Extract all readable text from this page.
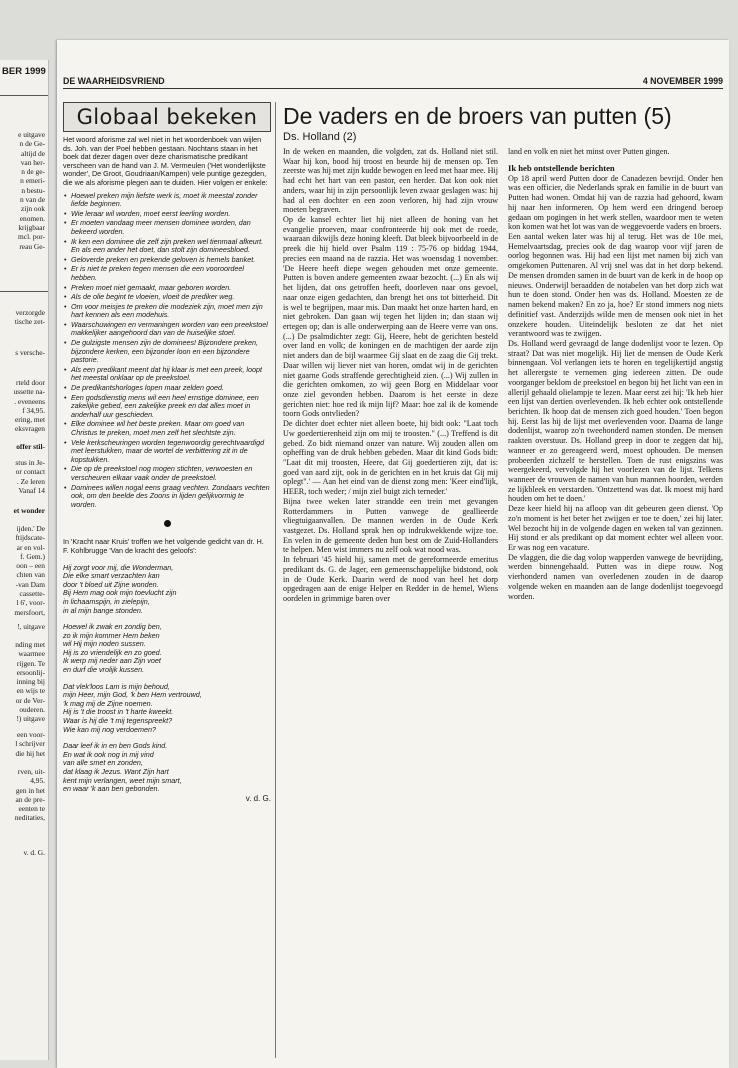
BER 1999
e uitgave
n de Ge-
altijd de
van her-
n de ge-
n emeri-
n bestu-
n van de
zijn ook
enomen.
krijgbaar
mcl. por-
reau Ge-
verzorgde
tische zet-
s versche-
rteld door
ussette na-
. eveneens
f 34,95.
ering, met
eksvragen
offer stil-
stus in Je-
or contact
. Ze leren
Vanaf 14
et wonder
ijden.' De
ftijdscate-
ar en vol-
f. Gem.)
oon – een
chten van
-van Dam
cassette-
l 6', voor-
mersfoort,
!, uitgave
nding met
waarmee
rijgen. Te
ersoonlij-
inning bij
en wijs te
or de Ver-
ouderen.
!) uitgave
een voor-
l schrijver
die hij het
rven, uit-
4,95.
gen in het
an de pre-
eenten te
neditaties,
v. d. G.
DE WAARHEIDSVRIEND	4 NOVEMBER 1999
Globaal bekeken

Het woord aforisme zal wel niet in het woordenboek van wijlen ds. Joh. van der Poel hebben gestaan. Nochtans staan in het boek dat dezer dagen over deze charismatische predikant verscheen van de hand van J. M. Vermeulen ('Het wonderlijkste wonder', De Groot, Goudriaan/Kampen) vele puntige gezegden, die we als aforisme plegen aan te duiden. Hier volgen er enkele:

• Hoewel preken mijn liefste werk is, moet ik meestal zonder liefde beginnen.
• Wie leraar wil worden, moet eerst leerling worden.
• Er moeten vandaag meer mensen dominee worden, dan bekeerd worden.
• Ik ken een dominee die zelf zijn preken wel tienmaal afkeurt. En als een ander het doet, dan stolt zijn domineesbloed.
• Geloverde preken en prekende geloven is hemels banket.
• Er is niet te preken tegen mensen die een vooroordeel hebben.
• Preken moet niet gemaakt, maar geboren worden.
• Als de olie begint te vloeien, vloeit de prediker weg.
• Om voor meisjes te preken die modeziek zijn, moet men zijn hart kennen als een modehuis.
• Waarschuwingen en vermaningen worden van een preekstoel makkelijker aangehoord dan van de huiselijke stoel.
• De gulzigste mensen zijn de dominees! Bijzondere preken, bijzondere kerken, een bijzonder loon en een bijzondere pastorie.
• Als een predikant meent dat hij klaar is met een preek, loopt het meestal onklaar op de preekstoel.
• De predikantshorloges lopen maar zelden goed.
• Een godsdienstig mens wil een heel ernstige dominee, een zakelijke gebed, een zakelijke preek en dat alles moet in anderhalf uur geschieden.
• Elke dominee wil het beste preken. Maar om goed van Christus te preken, moet men zelf het slechtste zijn.
• Vele kerkscheuringen worden tegenwoordig gerechtvaardigd met leerstukken, maar de wortel de verbittering zit in de kopstukken.
• Die op de preekstoel nog mogen stichten, verwoesten en verscheuren elkaar vaak onder de preekstoel.
• Dominees willen nogal eens graag vechten. Zondaars vechten ook, om den beelde des Zoons in lijden gelijkvormig te worden.

In 'Kracht naar Kruis' troffen we het volgende gedicht van dr. H. F. Kohlbrugge 'Van de kracht des geloofs':

Hij zorgt voor mij, die Wonderman,
Die elke smart verzachten kan
door 't bloed uit Zijne wonden.
Bij Hem mag ook mijn toevlucht zijn
in lichaamspijn, in zielepijn,
in al mijn bange stonden.
Hoewel ik zwak en zondig ben,
zo ik mijn kommer Hem beken
wil Hij mijn noden sussen.
Hij is zo vriendelijk en zo goed.
Ik werp mij neder aan Zijn voet
en durf die vrolijk kussen.
Dat vlek'loos Lam is mijn behoud,
mijn Heer, mijn God, 'k ben Hem vertrouwd,
'k mag mij de Zijne noemen.
Hij is 't die troost in 't harte kweekt.
Waar is hij die 't mij tegenspreekt?
Wie kan mij nog verdoemen?
Daar leef ik in en ben Gods kind.
En wat ik ook nog in mij vind
van alle smet en zonden,
dat klaag ik Jezus. Want Zijn hart
kent mijn verlangen, weet mijn smart,
en waar 'k aan ben gebonden.
v. d. G.
De vaders en de broers van putten (5)
Ds. Holland (2)

In de weken en maanden, die volgden, zat ds. Holland niet stil. Waar hij kon, bood hij troost en beurde hij de mensen op. Ten zeerste was hij met zijn kudde bewogen en leed met haar mee. Hij had echt het hart van een pastor, een herder. Dat kon ook niet anders, waar hij in zijn persoonlijk leven zwaar geslagen was: hij had al een dochter en een zoon verloren, hij had zijn vrouw moeten begraven.

Op de kansel echter liet hij niet alleen de honing van het evangelie proeven, maar confronteerde hij ook met de roede, waaraan dikwijls deze honing kleeft. Dat bleek bijvoorbeeld in de preek die hij hield over Psalm 119 : 75-76 op biddag 1944, precies een maand na de razzia. Het was woensdag 1 november. 'De Heere heeft diepe wegen gehouden met onze gemeente. Putten is boven andere gemeenten zwaar bezocht. (...) En als wij het lijden, dat ons getroffen heeft, doorleven naar ons gevoel, naar onze eigen gedachten, dan brengt het ons tot bitterheid. Dit is wel te begrijpen, maar mis. Dan maakt het onze harten hard, en niet gebroken. Dan gaan wij tegen het lijden in; dan staan wij ertegen op; dan is alle onderwerping aan de Heere verre van ons. (...) De psalmdichter zegt: Gij, Heere, hebt de gerichten besteld over land en volk; de koningen en de machtigen der aarde zijn niet anders dan de bijl waarmee Gij slaat en de zaag die Gij trekt. Daar willen wij liever niet van horen, omdat wij in de gerichten niet gaarne Gods straffende gerechtigheid zien. (...) Wij zullen in die gerichten omkomen, zo wij geen Borg en Middelaar voor onze ziel gevonden hebben. Daarom is het eerste in deze gerichten niet: hoe red ik mijn lijf? Maar: hoe zal ik de komende toorn Gods ontvlieden?

De dichter doet echter niet alleen boete, hij bidt ook: "Laat toch Uw goedertierenheid zijn om mij te troosten." (...) Treffend is dit gebed. Zo bidt niemand onzer van nature. Wij zouden allen om opheffing van de druk hebben gebeden. Maar dit kind Gods bidt: "Laat dit mij troosten, Heere, dat Gij goedertieren zijt, dat is: goed van aard zijt, ook in de gerichten en in het kruis dat Gij mij oplegt".' — Aan het eind van de dienst zong men: 'Keer eind'lijk, HEER, toch weder; / mijn ziel buigt zich terneder.'

Bijna twee weken later strandde een trein met gevangen Rotterdammers in Putten vanwege de geallieerde vliegtuigaanvallen. De mannen werden in de Oude Kerk vastgezet. Ds. Holland sprak hen op indrukwekkende wijze toe. En velen in de gemeente deden hun best om de Zuid-Hollanders te helpen. Men wist immers nu zelf ook wat nood was.

In februari '45 hield hij, samen met de gereformeerde emeritus predikant ds. G. de Jager, een gemeenschappelijke bidstond, ook in de Oude Kerk. Daarin werd de nood van heel het dorp opgedragen aan de enige Helper en Redder in de hemel, Wiens oordelen in grimmige baren over

land en volk en niet het minst over Putten gingen.

Ik heb ontstellende berichten

Op 18 april werd Putten door de Canadezen bevrijd. Onder hen was een officier, die Nederlands sprak en familie in de buurt van Putten had wonen. Omdat hij van de razzia had gehoord, kwam hij naar hen informeren. Op hem werd een dringend beroep gedaan om pogingen in het werk stellen, waardoor men te weten kon komen wat het lot was van de weggevoerde vaders en broers.

Een aantal weken later was hij al terug. Het was de 10e mei, Hemelvaartsdag, precies ook de dag waarop voor vijf jaren de oorlog begonnen was. Hij had een lijst met namen bij zich van omgekomen Puttenaren. Al vrij snel was dat in het dorp bekend. De mensen dromden samen in de buurt van de kerk in de hoop op nieuws. Onderwijl beraadden de notabelen van het dorp zich wat hun te doen stond. Onder hen was ds. Holland. Moesten ze de namen bekend maken? En zo ja, hoe? Er stond immers nog niets definitief vast. Anderzijds wilde men de mensen ook niet in het onzekere houden. Uiteindelijk besloten ze dat het niet verantwoord was te zwijgen.

Ds. Holland werd gevraagd de lange dodenlijst voor te lezen. Op straat? Dat was niet mogelijk. Hij liet de mensen de Oude Kerk binnengaan. Vol verlangen iets te horen en tegelijkertijd angstig het allerergste te vernemen ging iedereen zitten. De oude voorganger beklom de preekstoel en begon bij het licht van een in allerijl gehaald olielampje te lezen. Maar eerst zei hij: 'Ik heb hier een lijst van dertien overlevenden. Ik heb echter ook ontstellende berichten. Ik hoop dat de mensen zich goed houden.' Toen begon hij. Eerst las hij de lijst met overlevenden voor. Daarna de lange dodenlijst, waarop zo'n tweehonderd namen stonden. De mensen raakten overstuur. Ds. Holland greep in door te zeggen dat hij, wanneer er zo gereageerd werd, moest ophouden. De mensen probeerden zichzelf te herstellen. Toen de rust enigszins was weergekeerd, vervolgde hij het voorlezen van de lijst. Telkens wanneer de vrouwen de namen van hun mannen hoorden, werden ze lijkbleek en verstarden. 'Ontzettend was dat. Ik moest mij hard houden om het te doen.'

Deze keer hield hij na afloop van dit gebeuren geen dienst. 'Op zo'n moment is het beter het zwijgen er toe te doen,' zei hij later. Wel bezocht hij in de volgende dagen en weken tal van gezinnen. Hij stond er als predikant op dat moment echter wel alleen voor. Er was nog een vacature.

De vlaggen, die die dag volop wapperden vanwege de bevrijding, werden binnengehaald. Putten was in diepe rouw. Nog vierhonderd namen van overledenen zouden in de daarop volgende weken en maanden aan de lange dodenlijst toegevoegd worden.
